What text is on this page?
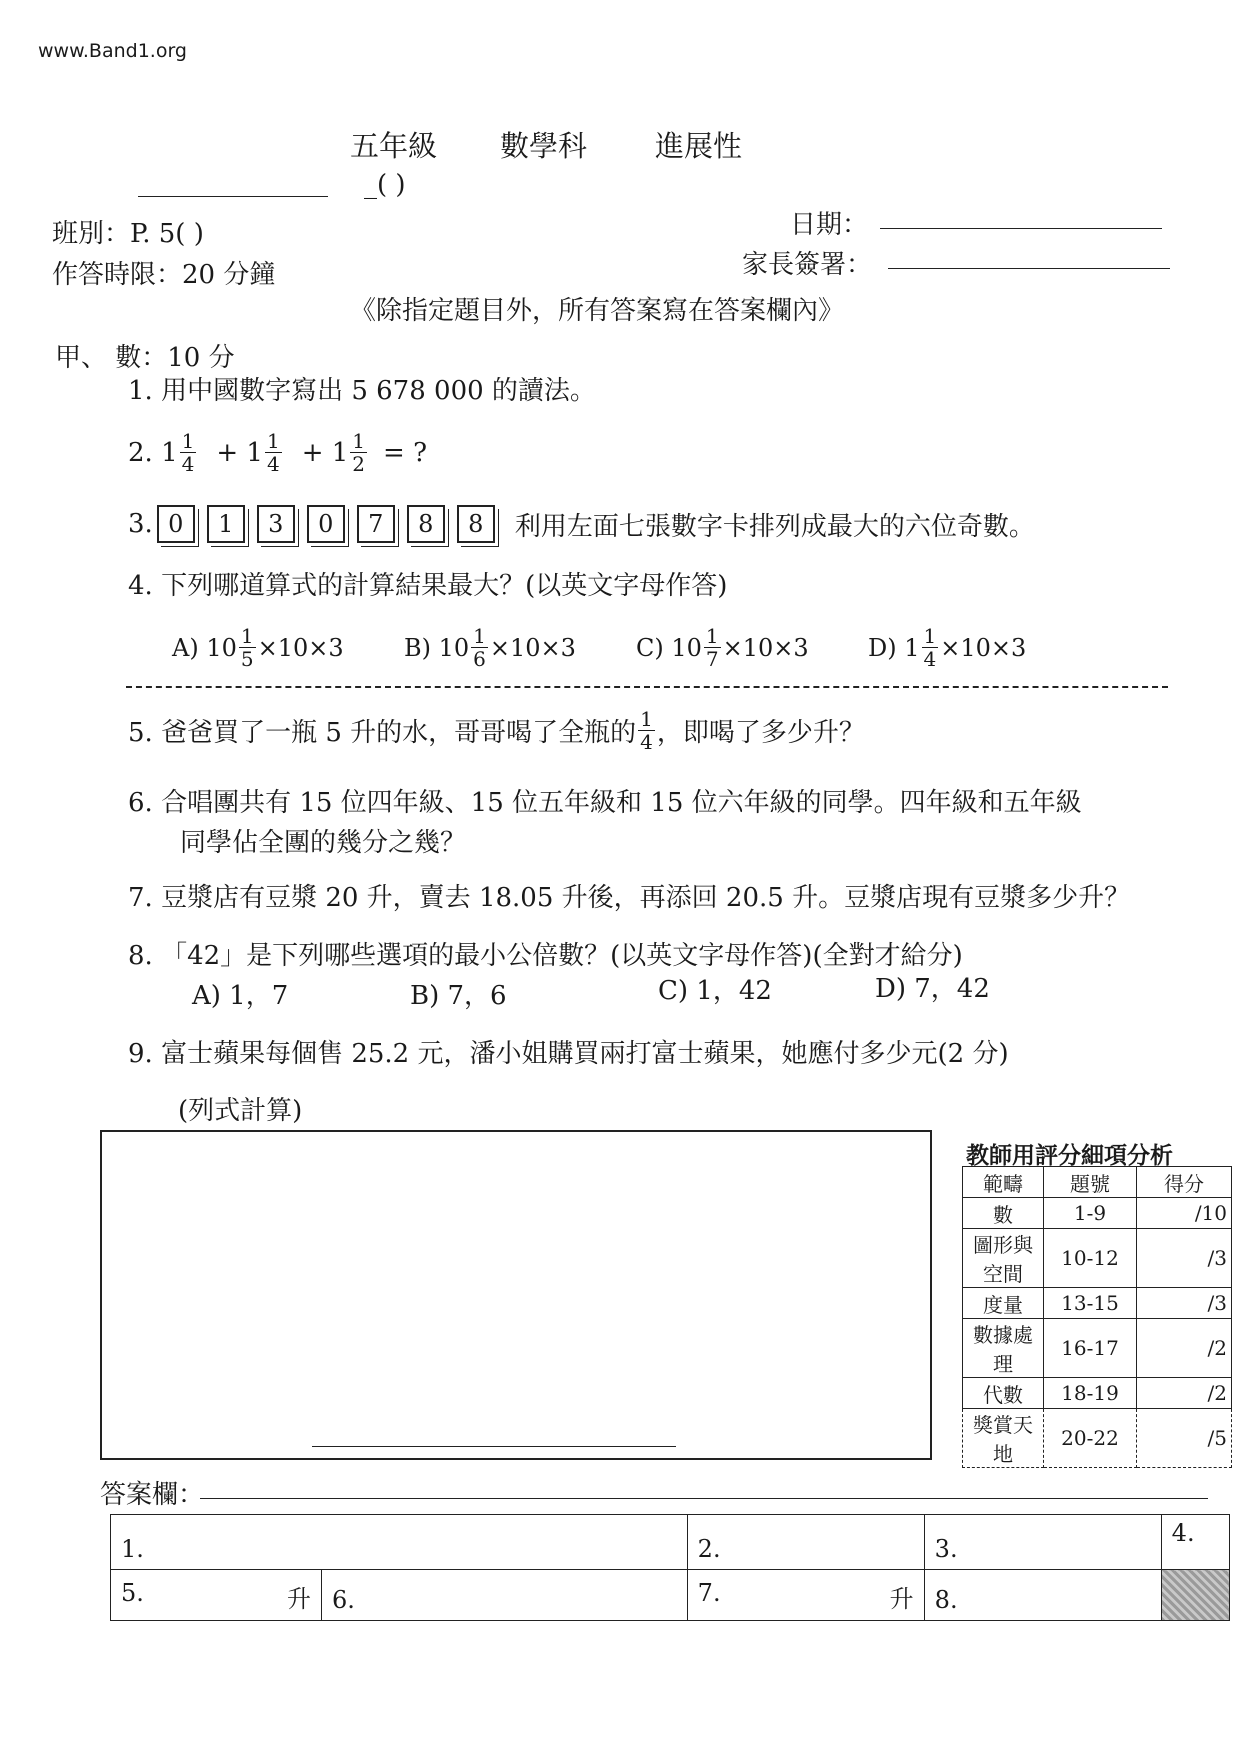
www.Band1.org
五年級 數學科 進展性
_( )
班別：P. 5( )
作答時限：20 分鐘
日期：
家長簽署：
《除指定題目外，所有答案寫在答案欄內》
甲、 數：10 分
1. 用中國數字寫出 5 678 000 的讀法。
2. $1 \frac{1}{4} + 1 \frac{1}{4} + 1 \frac{1}{2}$ = ?
3. 0	1	3	0	7	8	8	利用左面七張數字卡排列成最大的六位奇數。
4. 下列哪道算式的計算結果最大？(以英文字母作答)
A) $10 \frac{1}{5} \times 10\times 3$	B) $10 \frac{1}{6} \times 10\times 3$	C) $10 \frac{1}{7} \times 10\times 3$ D) $1 \frac{1}{4} \times 10\times 3$
5. 爸爸買了一瓶 5 升的水，哥哥喝了全瓶的 $\frac{1}{4}$ ，即喝了多少升？
6. 合唱團共有 15 位四年級、15 位五年級和 15 位六年級的同學。四年級和五年級
同學佔全團的幾分之幾？
7. 豆漿店有豆漿 20 升，賣去 18.05 升後，再添回 20.5 升。豆漿店現有豆漿多少升？
8. 「42」是下列哪些選項的最小公倍數？(以英文字母作答)(全對才給分)
A) 1，7	B) 7，6	C) 1，42	D) 7，42
9. 富士蘋果每個售 25.2 元，潘小姐購買兩打富士蘋果，她應付多少元(2 分)
(列式計算)
教師用評分細項分析
範疇	題號	得分
數	1-9	/10
圖形與空間	10-12	/3
度量	13-15	/3
數據處理	16-17	/2
代數	18-19	/2
獎賞天地	20-22	/5
答案欄：
1.		2.	3.	4.
5. 升	6.	7. 升	8.	
